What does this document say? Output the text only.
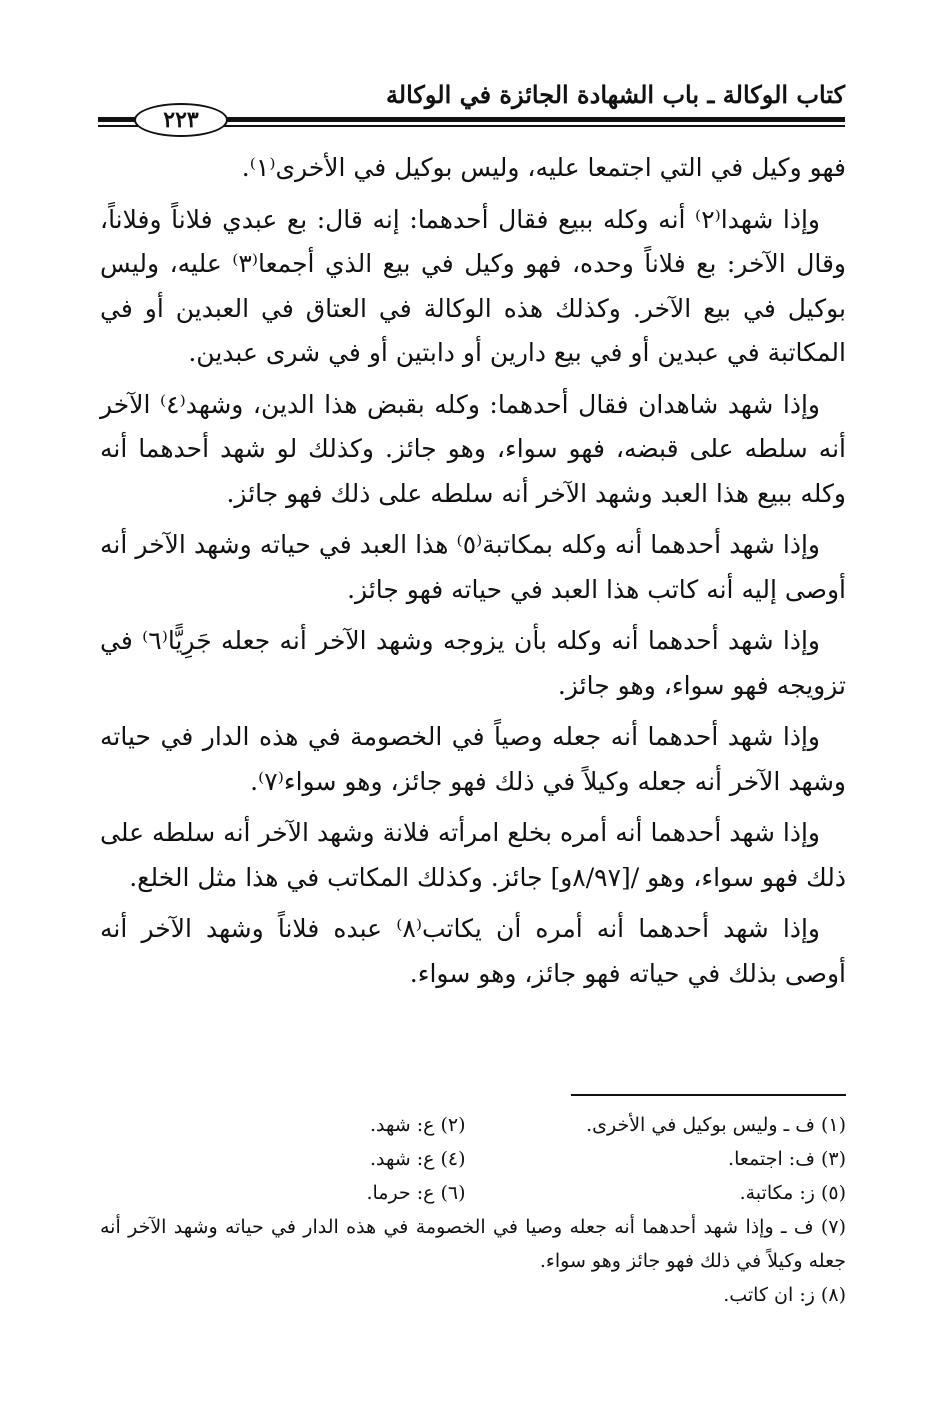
كتاب الوكالة ـ باب الشهادة الجائزة في الوكالة
٢٢٣

فهو وكيل في التي اجتمعا عليه، وليس بوكيل في الأخرى⁽١⁾.

وإذا شهدا⁽٢⁾ أنه وكله ببيع فقال أحدهما: إنه قال: بع عبدي فلاناً وفلاناً، وقال الآخر: بع فلاناً وحده، فهو وكيل في بيع الذي أجمعا⁽٣⁾ عليه، وليس بوكيل في بيع الآخر. وكذلك هذه الوكالة في العتاق في العبدين أو في المكاتبة في عبدين أو في بيع دارين أو دابتين أو في شرى عبدين.

وإذا شهد شاهدان فقال أحدهما: وكله بقبض هذا الدين، وشهد⁽٤⁾ الآخر أنه سلطه على قبضه، فهو سواء، وهو جائز. وكذلك لو شهد أحدهما أنه وكله ببيع هذا العبد وشهد الآخر أنه سلطه على ذلك فهو جائز.

وإذا شهد أحدهما أنه وكله بمكاتبة⁽٥⁾ هذا العبد في حياته وشهد الآخر أنه أوصى إليه أنه كاتب هذا العبد في حياته فهو جائز.

وإذا شهد أحدهما أنه وكله بأن يزوجه وشهد الآخر أنه جعله جَرِيًّا⁽٦⁾ في تزويجه فهو سواء، وهو جائز.

وإذا شهد أحدهما أنه جعله وصياً في الخصومة في هذه الدار في حياته وشهد الآخر أنه جعله وكيلاً في ذلك فهو جائز، وهو سواء⁽٧⁾.

وإذا شهد أحدهما أنه أمره بخلع امرأته فلانة وشهد الآخر أنه سلطه على ذلك فهو سواء، وهو /[٨/٩٧و] جائز. وكذلك المكاتب في هذا مثل الخلع.

وإذا شهد أحدهما أنه أمره أن يكاتب⁽٨⁾ عبده فلاناً وشهد الآخر أنه أوصى بذلك في حياته فهو جائز، وهو سواء.

(١) ف ـ وليس بوكيل في الأخرى.
(٢) ع: شهد.
(٣) ف: اجتمعا.
(٤) ع: شهد.
(٥) ز: مكاتبة.
(٦) ع: حرما.
(٧) ف ـ وإذا شهد أحدهما أنه جعله وصيا في الخصومة في هذه الدار في حياته وشهد الآخر أنه جعله وكيلاً في ذلك فهو جائز وهو سواء.
(٨) ز: ان كاتب.
